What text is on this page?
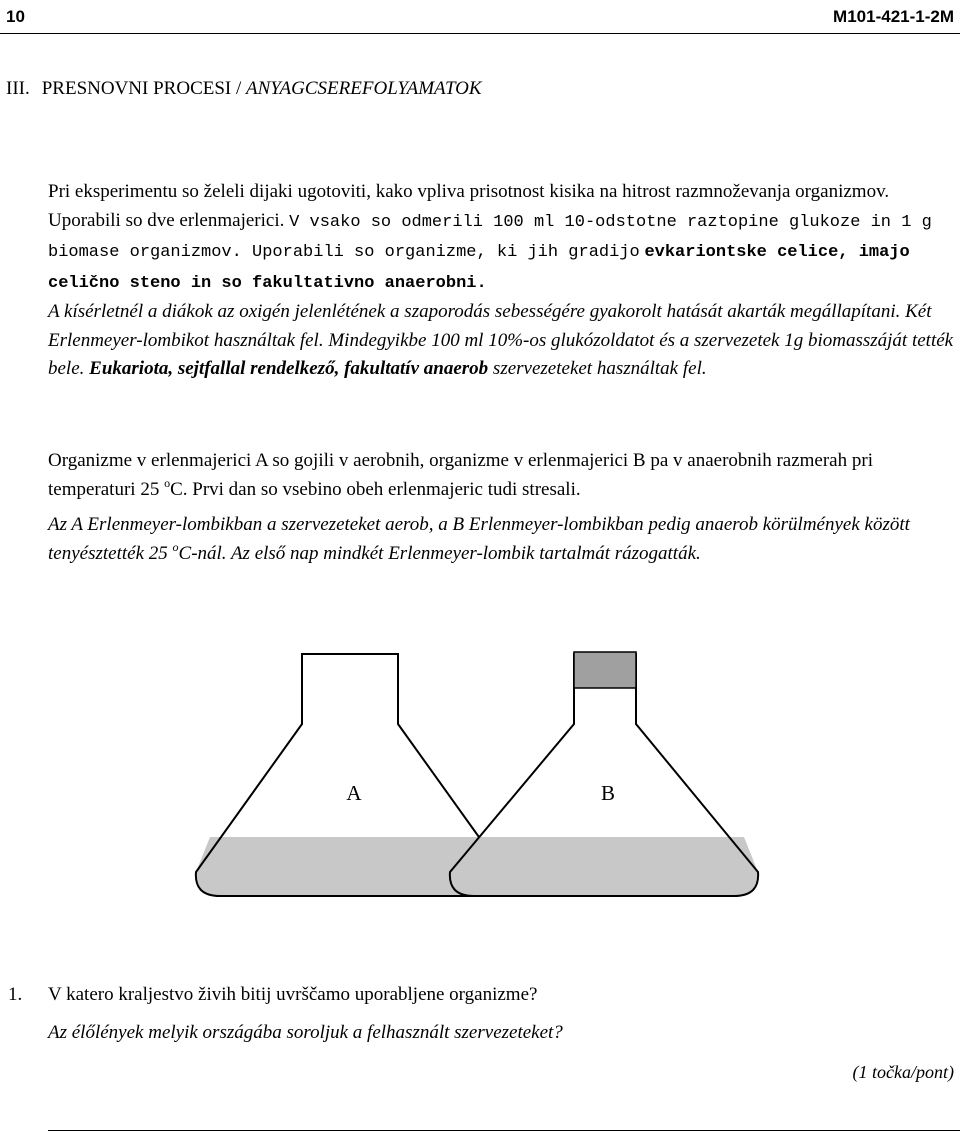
10	M101-421-1-2M
III. PRESNOVNI PROCESI / ANYAGCSEREFOLYAMATOK
Pri eksperimentu so želeli dijaki ugotoviti, kako vpliva prisotnost kisika na hitrost razmnoževanja organizmov. Uporabili so dve erlenmajerici. V vsako so odmerili 100 ml 10-odstotne raztopine glukoze in 1 g biomase organizmov. Uporabili so organizme, ki jih gradijo evkariontske celice, imajo celično steno in so fakultativno anaerobni.
A kísérletnél a diákok az oxigén jelenlétének a szaporodás sebességére gyakorolt hatását akarták megállapítani. Két Erlenmeyer-lombikot használtak fel. Mindegyikbe 100 ml 10%-os glukózoldatot és a szervezetek 1g biomasszáját tették bele. Eukariota, sejtfallal rendelkező, fakultatív anaerob szervezeteket használtak fel.
Organizme v erlenmajerici A so gojili v aerobnih, organizme v erlenmajerici B pa v anaerobnih razmerah pri temperaturi 25 $^o$C. Prvi dan so vsebino obeh erlenmajeric tudi stresali.
Az A Erlenmeyer-lombikban a szervezeteket aerob, a B Erlenmeyer-lombikban pedig anaerob körülmények között tenyésztették 25 $^o$C-nál. Az első nap mindkét Erlenmeyer-lombik tartalmát rázogatták.
A	B
1. V katero kraljestvo živih bitij uvrščamo uporabljene organizme?
Az élőlények melyik országába soroljuk a felhasznált szervezeteket?
(1 točka/pont)
